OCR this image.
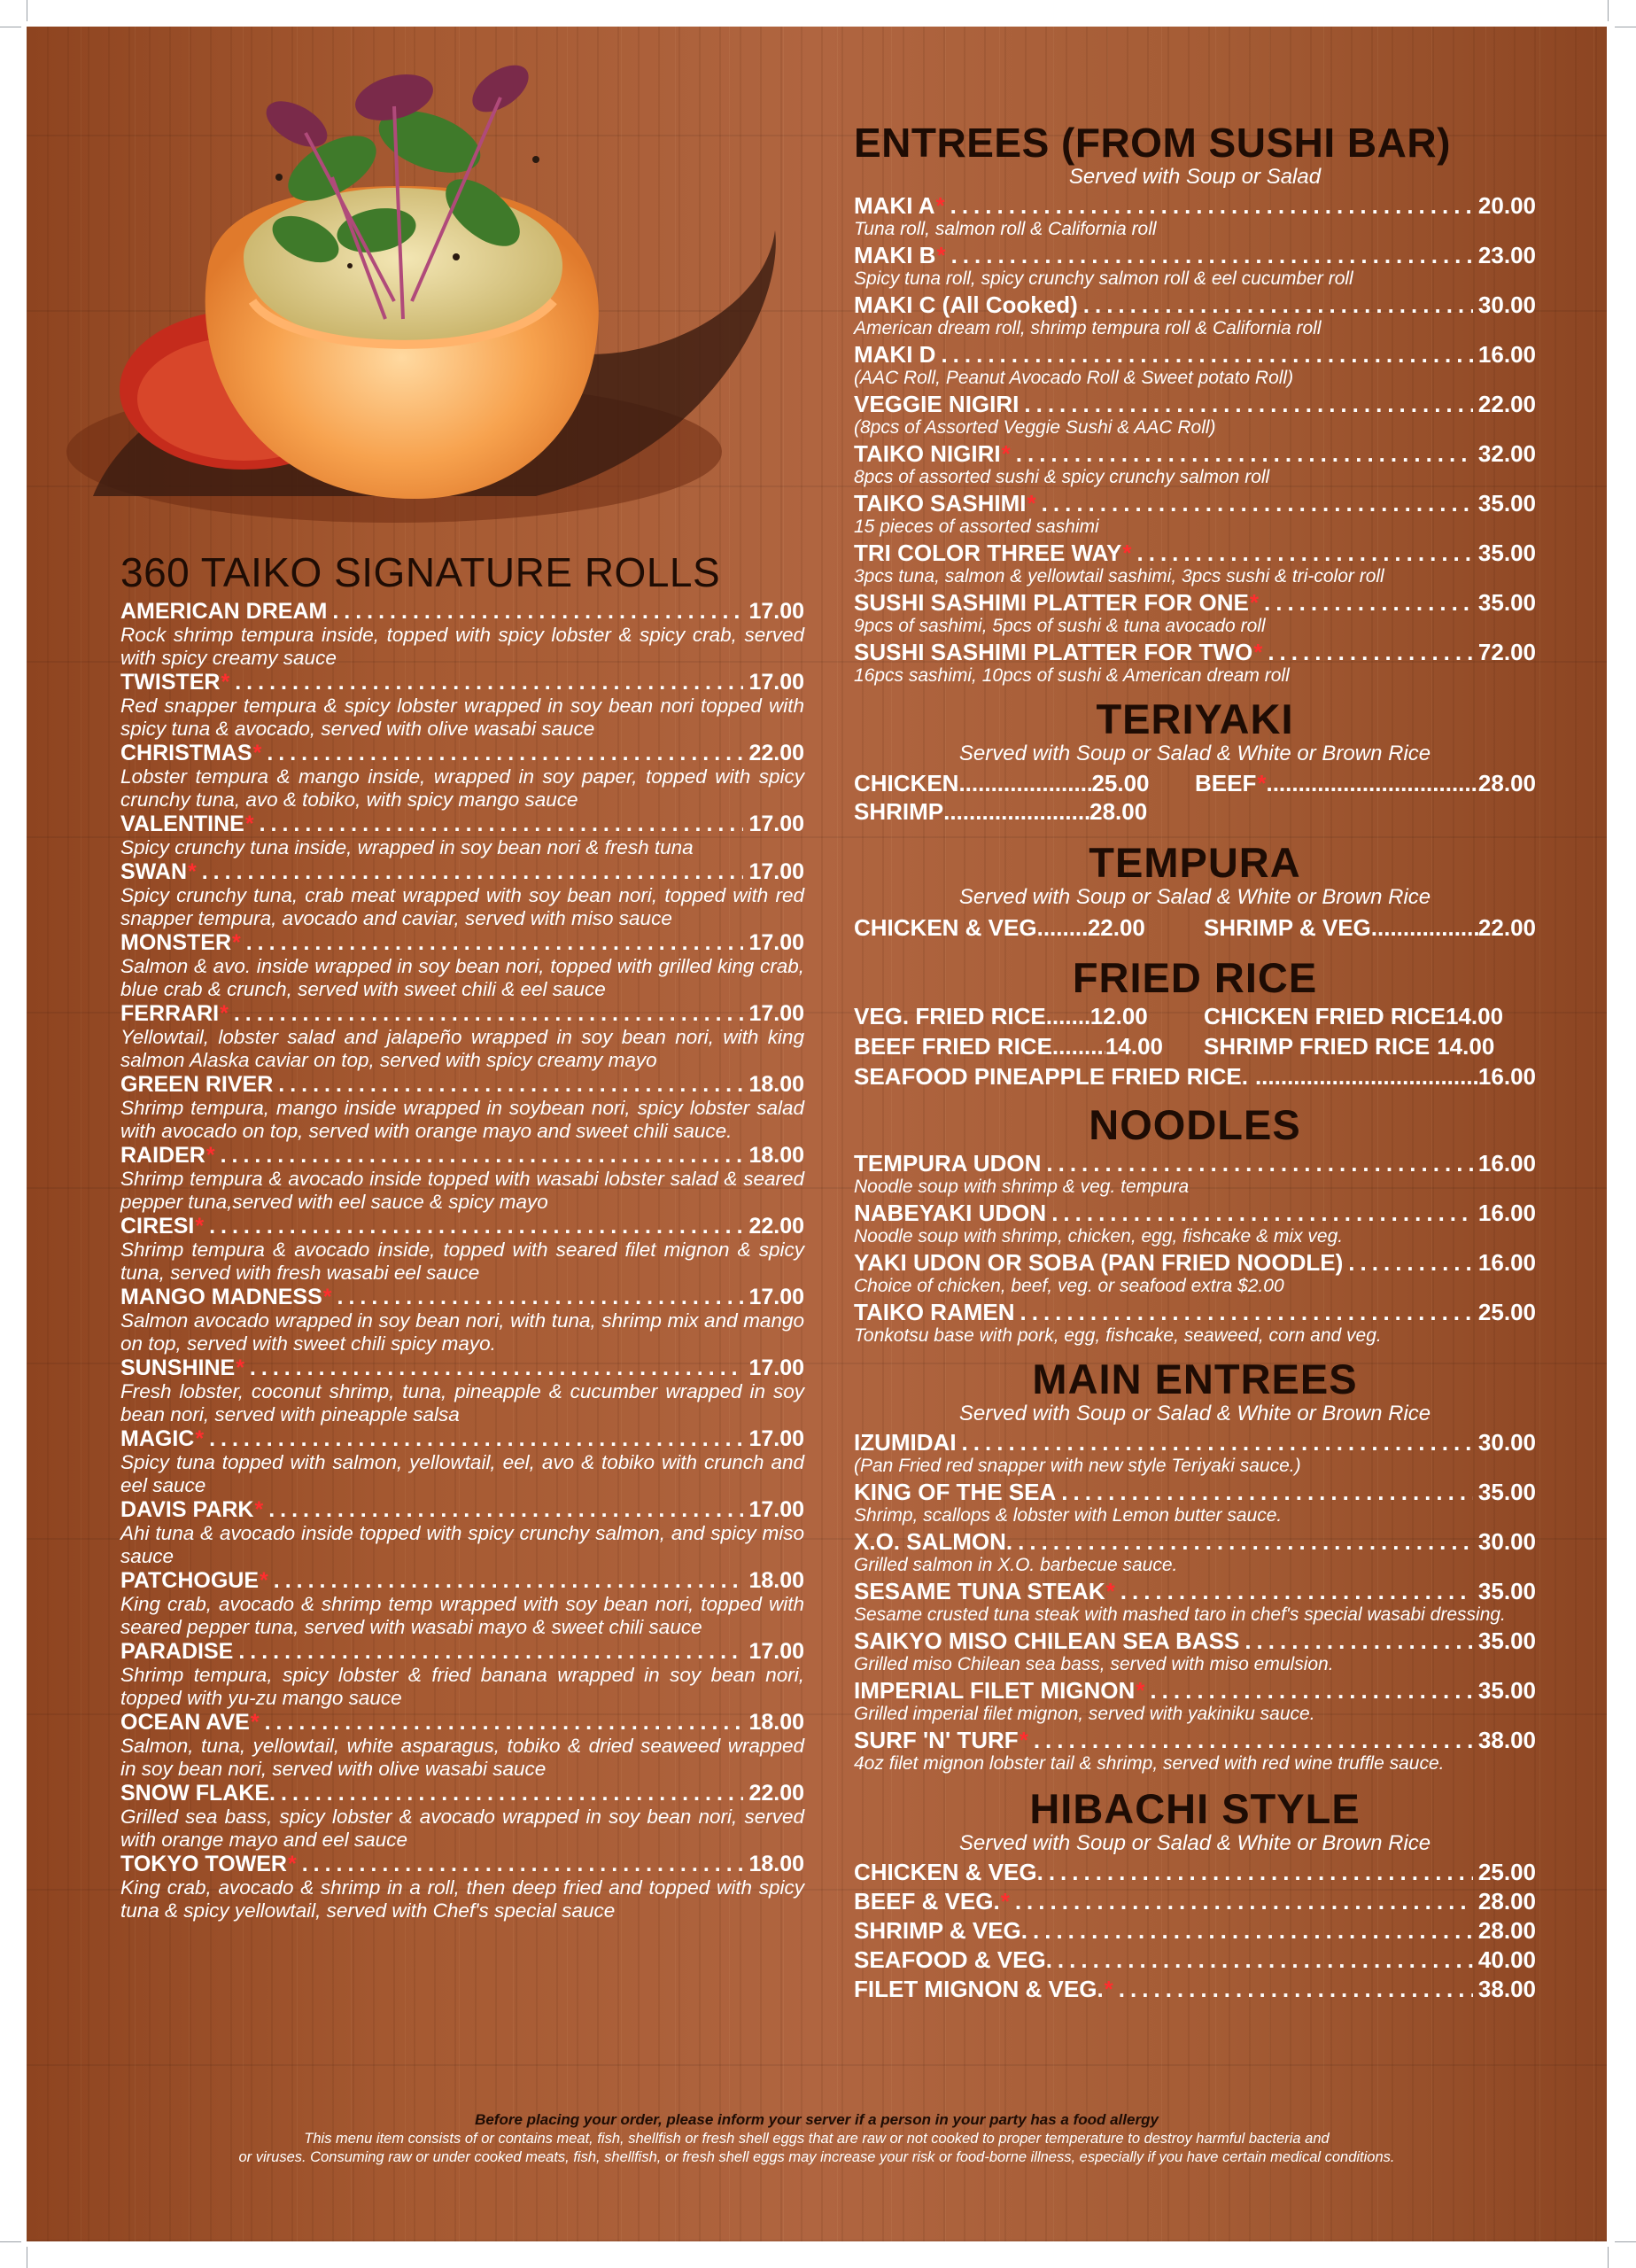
360 TAIKO SIGNATURE ROLLS
AMERICAN DREAM .....	17.00
Rock shrimp tempura inside, topped with spicy lobster & spicy crab, served with spicy creamy sauce
TWISTER * .....	17.00
Red snapper tempura & spicy lobster wrapped in soy bean nori topped with spicy tuna & avocado, served with olive wasabi sauce
CHRISTMAS * .....	22.00
Lobster tempura & mango inside, wrapped in soy paper, topped with spicy crunchy tuna, avo & tobiko, with spicy mango sauce
VALENTINE * .....	17.00
Spicy crunchy tuna inside, wrapped in soy bean nori & fresh tuna
SWAN * .....	17.00
Spicy crunchy tuna, crab meat wrapped with soy bean nori, topped with red snapper tempura, avocado and caviar, served with miso sauce
MONSTER * .....	17.00
Salmon & avo. inside wrapped in soy bean nori, topped with grilled king crab, blue crab & crunch, served with sweet chili & eel sauce
FERRARI * .....	17.00
Yellowtail, lobster salad and jalapeño wrapped in soy bean nori, with king salmon Alaska caviar on top, served with spicy creamy mayo
GREEN RIVER .....	18.00
Shrimp tempura, mango inside wrapped in soybean nori, spicy lobster salad with avocado on top, served with orange mayo and sweet chili sauce.
RAIDER * .....	18.00
Shrimp tempura & avocado inside topped with wasabi lobster salad & seared pepper tuna,served with eel sauce & spicy mayo
CIRESI * .....	22.00
Shrimp tempura & avocado inside, topped with seared filet mignon & spicy tuna, served with fresh wasabi eel sauce
MANGO MADNESS * .....	17.00
Salmon avocado wrapped in soy bean nori, with tuna, shrimp mix and mango on top, served with sweet chili spicy mayo.
SUNSHINE * .....	17.00
Fresh lobster, coconut shrimp, tuna, pineapple & cucumber wrapped in soy bean nori, served with pineapple salsa
MAGIC * .....	17.00
Spicy tuna topped with salmon, yellowtail, eel, avo & tobiko with crunch and eel sauce
DAVIS PARK * .....	17.00
Ahi tuna & avocado inside topped with spicy crunchy salmon, and spicy miso sauce
PATCHOGUE * .....	18.00
King crab, avocado & shrimp temp wrapped with soy bean nori, topped with seared pepper tuna, served with wasabi mayo & sweet chili sauce
PARADISE .....	17.00
Shrimp tempura, spicy lobster & fried banana wrapped in soy bean nori, topped with yu-zu mango sauce
OCEAN AVE * .....	18.00
Salmon, tuna, yellowtail, white asparagus, tobiko & dried seaweed wrapped in soy bean nori, served with olive wasabi sauce
SNOW FLAKE. .....	22.00
Grilled sea bass, spicy lobster & avocado wrapped in soy bean nori, served with orange mayo and eel sauce
TOKYO TOWER * .....	18.00
King crab, avocado & shrimp in a roll, then deep fried and topped with spicy tuna & spicy yellowtail, served with Chef's special sauce
ENTREES (FROM SUSHI BAR)
Served with Soup or Salad
MAKI A * .....	20.00
Tuna roll, salmon roll & California roll
MAKI B * .....	23.00
Spicy tuna roll, spicy crunchy salmon roll & eel cucumber roll
MAKI C (All Cooked) .....	30.00
American dream roll, shrimp tempura roll & California roll
MAKI D .....	16.00
(AAC Roll, Peanut Avocado Roll & Sweet potato Roll)
VEGGIE NIGIRI .....	22.00
(8pcs of Assorted Veggie Sushi & AAC Roll)
TAIKO NIGIRI * .....	32.00
8pcs of assorted sushi & spicy crunchy salmon roll
TAIKO SASHIMI * .....	35.00
15 pieces of assorted sashimi
TRI COLOR THREE WAY * .....	35.00
3pcs tuna, salmon & yellowtail sashimi, 3pcs sushi & tri-color roll
SUSHI SASHIMI PLATTER FOR ONE * .....	35.00
9pcs of sashimi, 5pcs of sushi & tuna avocado roll
SUSHI SASHIMI PLATTER FOR TWO * .....	72.00
16pcs sashimi, 10pcs of sushi & American dream roll
TERIYAKI
Served with Soup or Salad & White or Brown Rice
CHICKEN .....	25.00 BEEF * .....	28.00
SHRIMP .....	28.00
TEMPURA
Served with Soup or Salad & White or Brown Rice
CHICKEN & VEG. ..... 22.00	SHRIMP & VEG. .....	22.00
FRIED RICE
VEG. FRIED RICE ..... 12.00 CHICKEN FRIED RICE 14.00
BEEF FRIED RICE ..... 14.00 SHRIMP FRIED RICE 14.00
SEAFOOD PINEAPPLE FRIED RICE. .....	16.00
NOODLES
TEMPURA UDON .....	16.00
Noodle soup with shrimp & veg. tempura
NABEYAKI UDON .....	16.00
Noodle soup with shrimp, chicken, egg, fishcake & mix veg.
YAKI UDON OR SOBA (PAN FRIED NOODLE) .....	16.00
Choice of chicken, beef, veg. or seafood extra $2.00
TAIKO RAMEN .....	25.00
Tonkotsu base with pork, egg, fishcake, seaweed, corn and veg.
MAIN ENTREES
Served with Soup or Salad & White or Brown Rice
IZUMIDAI .....	30.00
(Pan Fried red snapper with new style Teriyaki sauce.)
KING OF THE SEA .....	35.00
Shrimp, scallops & lobster with Lemon butter sauce.
X.O. SALMON. .....	30.00
Grilled salmon in X.O. barbecue sauce.
SESAME TUNA STEAK * .....	35.00
Sesame crusted tuna steak with mashed taro in chef's special wasabi dressing.
SAIKYO MISO CHILEAN SEA BASS .....	35.00
Grilled miso Chilean sea bass, served with miso emulsion.
IMPERIAL FILET MIGNON * .....	35.00
Grilled imperial filet mignon, served with yakiniku sauce.
SURF 'N' TURF * .....	38.00
4oz filet mignon lobster tail & shrimp, served with red wine truffle sauce.
HIBACHI STYLE
Served with Soup or Salad & White or Brown Rice
CHICKEN & VEG. .....	25.00
BEEF & VEG. * .....	28.00
SHRIMP & VEG. .....	28.00
SEAFOOD & VEG. .....	40.00
FILET MIGNON & VEG. * .....	38.00
Before placing your order, please inform your server if a person in your party has a food allergy
This menu item consists of or contains meat, fish, shellfish or fresh shell eggs that are raw or not cooked to proper temperature to destroy harmful bacteria and
or viruses. Consuming raw or under cooked meats, fish, shellfish, or fresh shell eggs may increase your risk or food-borne illness, especially if you have certain medical conditions.
